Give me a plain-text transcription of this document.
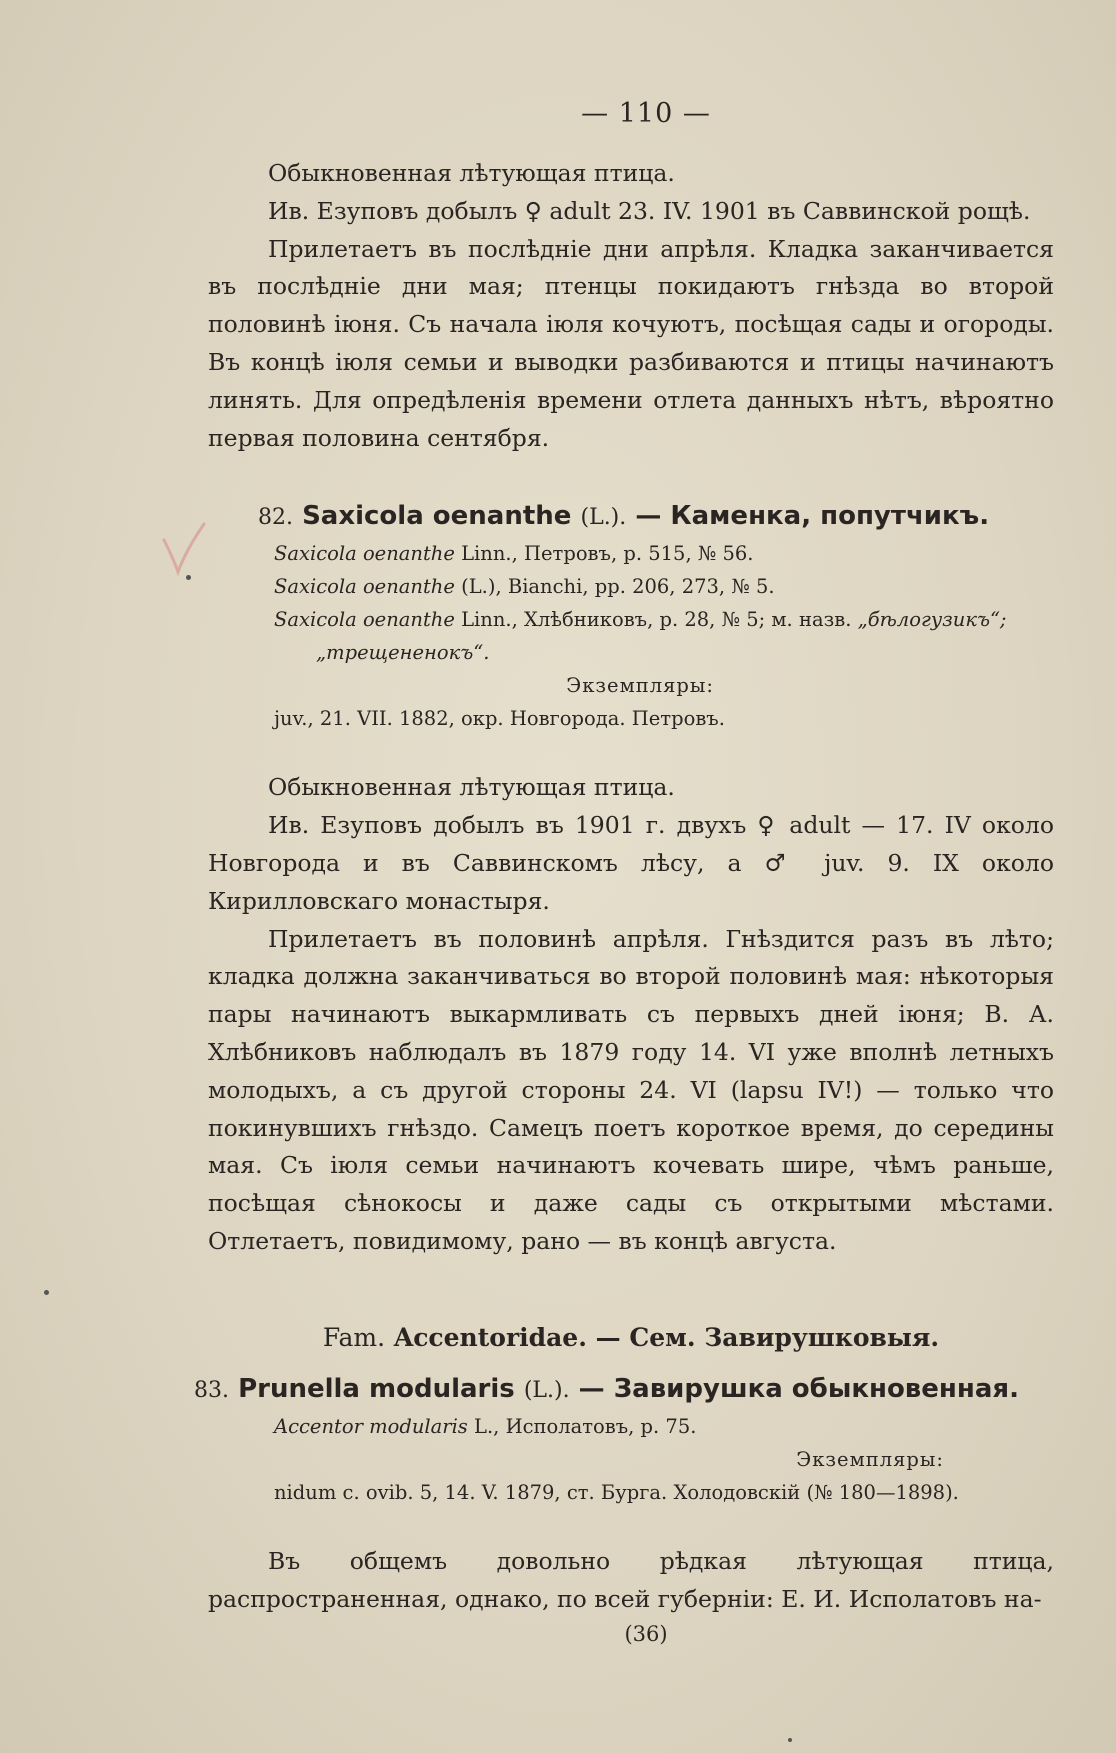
— 110 —

Обыкновенная лѣтующая птица.

Ив. Езуповъ добылъ ♀ adult 23. IV. 1901 въ Саввинской рощѣ.

Прилетаетъ въ послѣдніе дни апрѣля. Кладка заканчивается въ послѣдніе дни мая; птенцы покидаютъ гнѣзда во второй половинѣ іюня. Съ начала іюля кочуютъ, посѣщая сады и огороды. Въ концѣ іюля семьи и выводки разбиваются и птицы начинаютъ линять. Для опредѣленія времени отлета данныхъ нѣтъ, вѣроятно первая половина сентября.

82. Saxicola oenanthe (L.). — Каменка, попутчикъ.
Saxicola oenanthe Linn., Петровъ, p. 515, № 56.
Saxicola oenanthe (L.), Bianchi, pp. 206, 273, № 5.
Saxicola oenanthe Linn., Хлѣбниковъ, p. 28, № 5; м. назв. „бѣлогузикъ“;
„трещененокъ“.
Экземпляры:
juv., 21. VII. 1882, окр. Новгорода. Петровъ.

Обыкновенная лѣтующая птица.

Ив. Езуповъ добылъ въ 1901 г. двухъ ♀ adult — 17. IV около Новгорода и въ Саввинскомъ лѣсу, а ♂ juv. 9. IX около Кирилловскаго монастыря.

Прилетаетъ въ половинѣ апрѣля. Гнѣздится разъ въ лѣто; кладка должна заканчиваться во второй половинѣ мая: нѣкоторыя пары начинаютъ выкармливать съ первыхъ дней іюня; В. А. Хлѣбниковъ наблюдалъ въ 1879 году 14. VI уже вполнѣ летныхъ молодыхъ, а съ другой стороны 24. VI (lapsu IV!) — только что покинувшихъ гнѣздо. Самецъ поетъ короткое время, до середины мая. Съ іюля семьи начинаютъ кочевать шире, чѣмъ раньше, посѣщая сѣнокосы и даже сады съ открытыми мѣстами. Отлетаетъ, повидимому, рано — въ концѣ августа.

Fam. Accentoridae. — Сем. Завирушковыя.
83. Prunella modularis (L.). — Завирушка обыкновенная.
Accentor modularis L., Исполатовъ, p. 75.
Экземпляры:
nidum c. ovib. 5, 14. V. 1879, ст. Бурга. Холодовскій (№ 180—1898).

Въ общемъ довольно рѣдкая лѣтующая птица, распространенная, однако, по всей губерніи: Е. И. Исполатовъ на-

(36)
